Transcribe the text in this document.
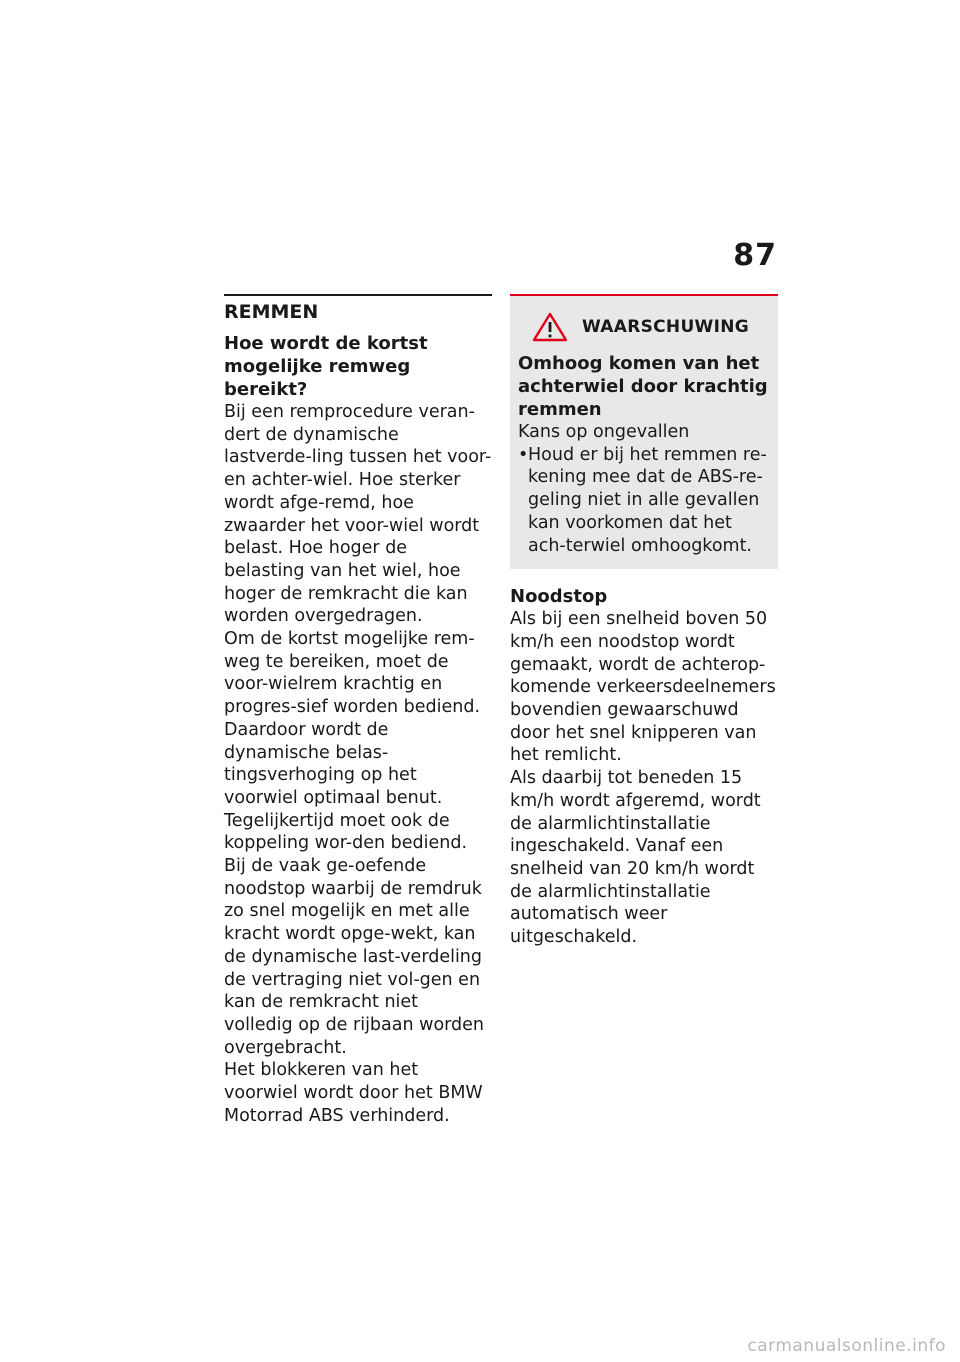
87
REMMEN

Hoe wordt de kortst mogelijke remweg bereikt?

Bij een remprocedure veran-dert de dynamische lastverde-ling tussen het voor- en achter-wiel. Hoe sterker wordt afge-remd, hoe zwaarder het voor-wiel wordt belast. Hoe hoger de belasting van het wiel, hoe hoger de remkracht die kan worden overgedragen.

Om de kortst mogelijke rem-weg te bereiken, moet de voor-wielrem krachtig en progres-sief worden bediend. Daardoor wordt de dynamische belas-tingsverhoging op het voorwiel optimaal benut. Tegelijkertijd moet ook de koppeling wor-den bediend. Bij de vaak ge-oefende noodstop waarbij de remdruk zo snel mogelijk en met alle kracht wordt opge-wekt, kan de dynamische last-verdeling de vertraging niet vol-gen en kan de remkracht niet volledig op de rijbaan worden overgebracht.

Het blokkeren van het voorwiel wordt door het BMW Motorrad ABS verhinderd.

WAARSCHUWING

Omhoog komen van het achterwiel door krachtig remmen

Kans op ongevallen

• Houd er bij het remmen re-kening mee dat de ABS-re-geling niet in alle gevallen kan voorkomen dat het ach-terwiel omhoogkomt.

Noodstop

Als bij een snelheid boven 50 km/h een noodstop wordt gemaakt, wordt de achterop-komende verkeersdeelnemers bovendien gewaarschuwd door het snel knipperen van het remlicht.

Als daarbij tot beneden 15 km/h wordt afgeremd, wordt de alarmlichtinstallatie ingeschakeld. Vanaf een snelheid van 20 km/h wordt de alarmlichtinstallatie automatisch weer uitgeschakeld.

carmanualsonline.info
